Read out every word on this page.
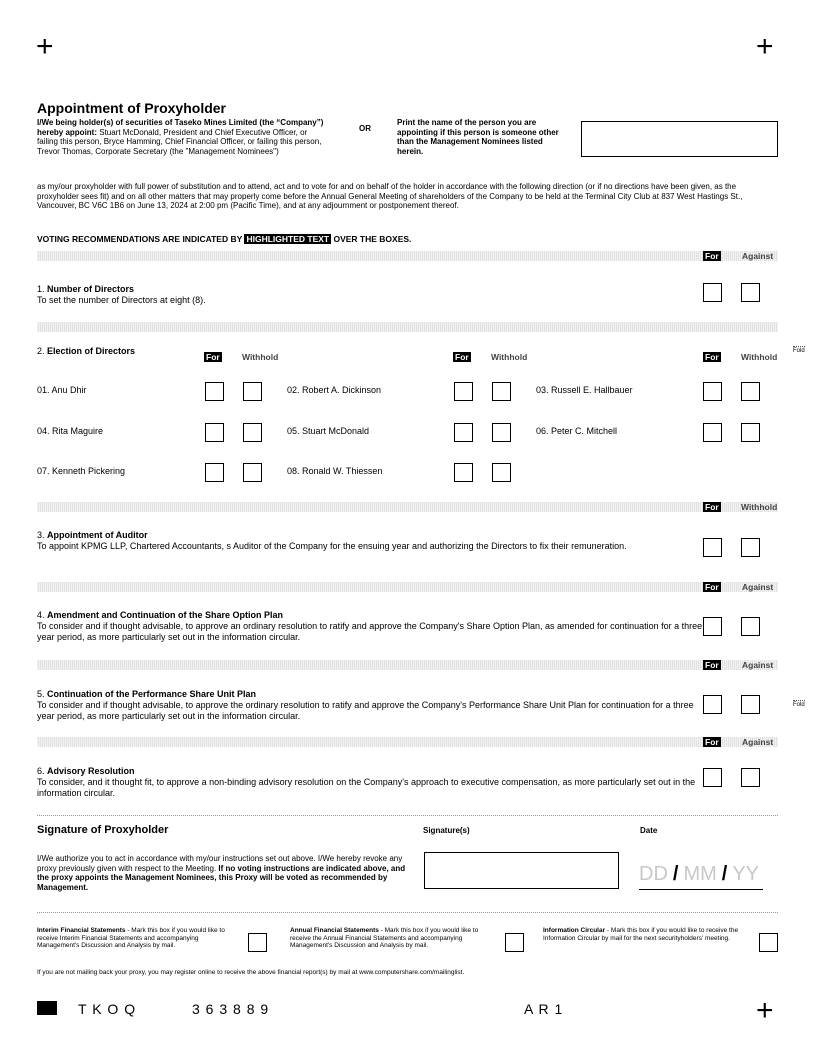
+	+
+
Appointment of Proxyholder
I/We being holder(s) of securities of Taseko Mines Limited (the “Company”) hereby appoint: Stuart McDonald, President and Chief Executive Officer, or failing this person, Bryce Hamming, Chief Financial Officer, or failing this person, Trevor Thomas, Corporate Secretary (the "Management Nominees")
OR
Print the name of the person you are appointing if this person is someone other than the Management Nominees listed herein.
as my/our proxyholder with full power of substitution and to attend, act and to vote for and on behalf of the holder in accordance with the following direction (or if no directions have been given, as the proxyholder sees fit) and on all other matters that may properly come before the Annual General Meeting of shareholders of the Company to be held at the Terminal City Club at 837 West Hastings St., Vancouver, BC V6C 1B6 on June 13, 2024 at 2:00 pm (Pacific Time), and at any adjournment or postponement thereof.
VOTING RECOMMENDATIONS ARE INDICATED BY HIGHLIGHTED TEXT OVER THE BOXES.
For	Against
1. Number of Directors
To set the number of Directors at eight (8).
2. Election of Directors
For	Withhold	For	Withhold	For	Withhold
Fold
01. Anu Dhir	02. Robert A. Dickinson	03. Russell E. Hallbauer
04. Rita Maguire	05. Stuart McDonald	06. Peter C. Mitchell
07. Kenneth Pickering	08. Ronald W. Thiessen
For	Withhold
3. Appointment of Auditor
To appoint KPMG LLP, Chartered Accountants, s Auditor of the Company for the ensuing year and authorizing the Directors to fix their remuneration.
For	Against
4. Amendment and Continuation of the Share Option Plan
To consider and if thought advisable, to approve an ordinary resolution to ratify and approve the Company's Share Option Plan, as amended for continuation for a three year period, as more particularly set out in the information circular.
For	Against
Fold
5. Continuation of the Performance Share Unit Plan
To consider and if thought advisable, to approve the ordinary resolution to ratify and approve the Company's Performance Share Unit Plan for continuation for a three year period, as more particularly set out in the information circular.
For	Against
6. Advisory Resolution
To consider, and it thought fit, to approve a non-binding advisory resolution on the Company's approach to executive compensation, as more particularly set out in the information circular.
Signature of Proxyholder	Signature(s)	Date
I/We authorize you to act in accordance with my/our instructions set out above. I/We hereby revoke any proxy previously given with respect to the Meeting. If no voting instructions are indicated above, and the proxy appoints the Management Nominees, this Proxy will be voted as recommended by Management.
DD / MM / YY
Interim Financial Statements - Mark this box if you would like to receive Interim Financial Statements and accompanying Management's Discussion and Analysis by mail.
Annual Financial Statements - Mark this box if you would like to receive the Annual Financial Statements and accompanying Management's Discussion and Analysis by mail.
Information Circular - Mark this box if you would like to receive the Information Circular by mail for the next securityholders' meeting.
If you are not mailing back your proxy, you may register online to receive the above financial report(s) by mail at www.computershare.com/mailinglist.
T K O Q	3 6 3 8 8 9	A R 1
